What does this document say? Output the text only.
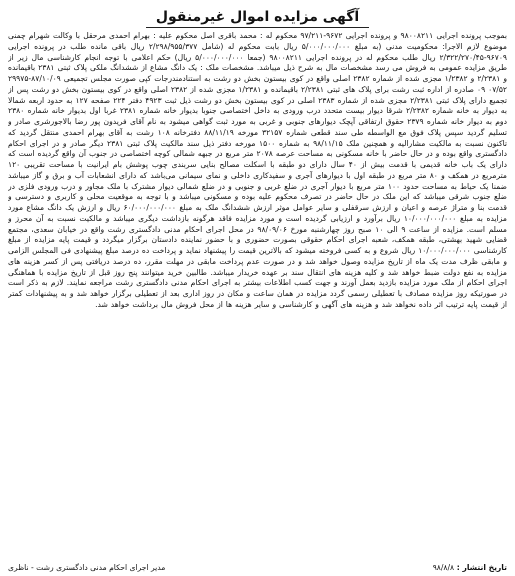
آگهی مزایده اموال غیرمنقول

بموجب پرونده اجرایی ۹۸۰۰۸۲۱۱ و پرونده اجرایی ۹۶۷۲-۹۷/۲۱۱ محکوم له : محمد باقری اصل محکوم علیه : بهرام احمدی مرحقل با وکالت شهرام چمنی موضوع لازم الاجرا: محکومیت مدنی (به مبلغ ۵/۰۰۰/۰۰۰/۰۰۰ ریال بابت محکوم له (شامل ۲/۲۹۸/۹۵۵/۳۷۷ ریال باقی مانده طلب در پرونده اجرایی ۹۶۷۰۹-۲/۳۲۲/۲۷۰/۴۵ ریال طلب محکوم له در پرونده اجرایی ۹۸۰۰۸۲۱۱ (جمعا ۵/۰۰۰/۰۰۰/۰۰۰ ریال) حکم اعلامی با توجه انجام کارشناسی مال زیر از طریق مزایده عمومی به فروش می رسد مشخصات مال به شرح ذیل میباشد. مشخصات ملک : یک دانگ مشاع از ششدانگ ملکی پلاک ثبتی ۲۳۸۱ باقیمانده و ۲/۲۳۸۱ و ۱/۲۳۸۲ مجزی شده از شماره ۲۳۸۲ اصلی واقع در کوی بیستون بخش دو رشت به استنادمندرجات کپی صورت مجلس تجمیعی ۸۷/۱۰/۰۹-۲۹۹۷۵ ۰۷/۵۲ ۰۹ صادره از اداره ثبت رشت برای پلاک های ثبتی ۲/۲۳۸۱ باقیمانده و ۱/۲۳۸۱ مجزی شده از ۲۳۸۲ اصلی واقع در کوی بیستون بخش دو رشت پس از تجمیع دارای پلاک ثبتی ۲/۲۳۸۱ مجزی شده از شماره ۲۳۸۳ اصلی در کوی بیستون بخش دو رشت ذیل ثبت ۴۹۲۳ دفتر ۲۲۴ صفحه ۱۲۷ به حدود اربعه شمالا به دیوار به خانه شماره ۲/۲۳۸۲ شرقا دیوار بیست متحدد درب ورودی به داخل اختصاصی جنوبا بدیوار خانه شماره ۲۳۸۱ غربا اول بدیوار خانه شماره ۲۳۸۰ دوم به دیوار خانه شماره ۲۳۷۹ حقوق ارتفاقی آپچک دیوارهای جنوبی و غربی به مورد ثبت گواهی میشود به نام آقای فریدون پور رضا بالاجورشری صادر و تسلیم گردید سپس پلاک فوق مع الواسطه طی سند قطعی شماره ۳۲۱۵۷ مورخه ۸۸/۱۱/۱۹ دفترخانه ۱۰۸ رشت به آقای بهرام احمدی منتقل گردید که تاکنون نسبت به مالکیت مشارالیه و همچنین ملک ۹۸/۱۱/۱۵ به شماره ۱۵۰۰ مورخه دفتر ذیل سند مالکیت پلاک ثبتی ۲۳۸۱ دیگر صادر و در اجرای احکام دادگستری واقع بوده و در حال حاضر با خانه مسکونی به مساحت عرصه ۲۰۷۸ متر مربع در جبهه شمالی کوچه اختصاصی در جنوب آن واقع گردیده است که دارای یک باب خانه قدیمی با قدمت بیش از ۴۰ سال دارای دو طبقه با اسکلت مصالح بنایی سربندی چوب پوشش بام ایرانیت با مساحت تقریبی ۱۲۰ مترمربع در همکف و ۸۰ متر مربع در طبقه اول با دیوارهای آجری و سفیدکاری داخلی و نمای سیمانی می‌باشد که دارای انشعابات آب و برق و گاز میباشد ضمنا یک حیاط به مساحت حدود ۱۰۰ متر مربع با دیوار آجری در ضلع غربی و جنوبی و در ضلع شمالی دیوار مشترک با ملک مجاور و درب ورودی فلزی در ضلع جنوب شرقی میباشد که این ملک در حال حاضر در تصرف محکوم علیه بوده و مسکونی میباشد و با توجه به موقعیت محلی و کاربری و دسترسی و قدمت بنا و متراژ عرصه و اعیان و ارزش سرقفلی و سایر عوامل موثر ارزش ششدانگ ملک به مبلغ ۶۰/۰۰۰/۰۰۰/۰۰۰ ریال و ارزش یک دانگ مشاع مورد مزایده به مبلغ ۱۰/۰۰۰/۰۰۰/۰۰۰ ریال برآورد و ارزیابی گردیده است و مورد مزایده فاقد هرگونه بازداشت دیگری میباشد و مالکیت نسبت به آن محرز و مسلم است. مزایده از ساعت ۹ الی ۱۰ صبح روز چهارشنبه مورخ ۹۸/۰۹/۰۶ در محل اجرای احکام مدنی دادگستری رشت واقع در خیابان سعدی، مجتمع قضایی شهید بهشتی، طبقه همکف، شعبه اجرای احکام حقوقی بصورت حضوری و با حضور نماینده دادستان برگزار میگردد و قیمت پایه مزایده از مبلغ کارشناسی ۱۰/۰۰۰/۰۰۰/۰۰۰ ریال شروع و به کسی فروخته میشود که بالاترین قیمت را پیشنهاد نماید و پرداخت ده درصد مبلغ پیشنهادی فی المجلس الزامی و مابقی ظرف مدت یک ماه از تاریخ مزایده وصول خواهد شد و در صورت عدم پرداخت مابقی در مهلت مقرر، ده درصد دریافتی پس از کسر هزینه های مزایده به نفع دولت ضبط خواهد شد و کلیه هزینه های انتقال سند بر عهده خریدار میباشد. طالبین خرید میتوانند پنج روز قبل از تاریخ مزایده با هماهنگی اجرای احکام از ملک مورد مزایده بازدید بعمل آورند و جهت کسب اطلاعات بیشتر به اجرای احکام مدنی دادگستری رشت مراجعه نمایند. لازم به ذکر است در صورتیکه روز مزایده مصادف با تعطیلی رسمی گردد مزایده در همان ساعت و مکان در روز اداری بعد از تعطیلی برگزار خواهد شد و به پیشنهادات کمتر از قیمت پایه ترتیب اثر داده نخواهد شد و هزینه های آگهی و کارشناسی و سایر هزینه ها از محل فروش مال برداشت خواهد شد.

تاریخ انتشار : ۹۸/۸/۸
مدیر اجرای احکام مدنی دادگستری رشت - ناظری
